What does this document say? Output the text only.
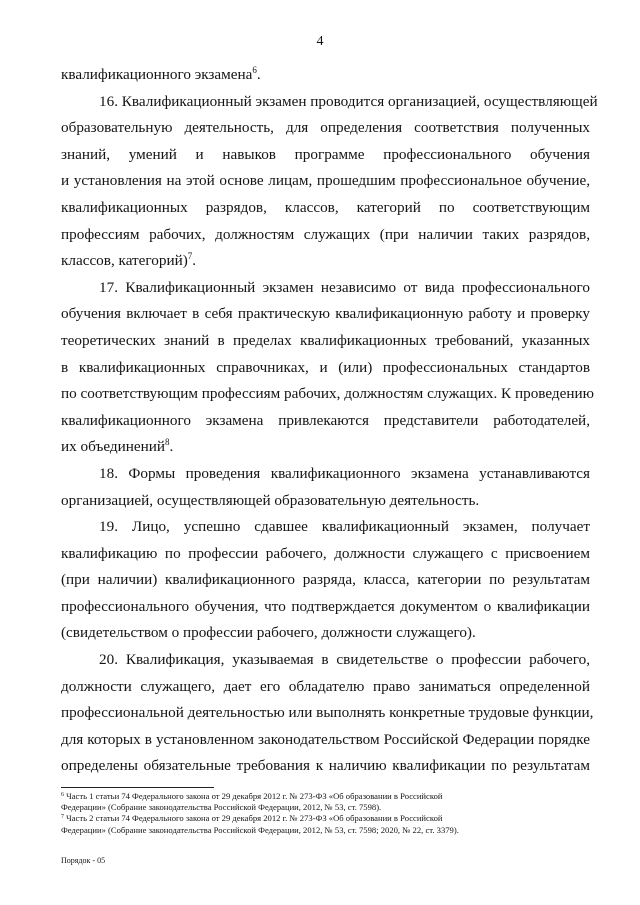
4
квалификационного экзамена$^6$.
16. Квалификационный экзамен проводится организацией, осуществляющей
образовательную деятельность, для определения соответствия полученных
знаний, умений и навыков программе профессионального обучения
и установления на этой основе лицам, прошедшим профессиональное обучение,
квалификационных разрядов, классов, категорий по соответствующим
профессиям рабочих, должностям служащих (при наличии таких разрядов,
классов, категорий)$^7$.
17. Квалификационный экзамен независимо от вида профессионального
обучения включает в себя практическую квалификационную работу и проверку
теоретических знаний в пределах квалификационных требований, указанных
в квалификационных справочниках, и (или) профессиональных стандартов
по соответствующим профессиям рабочих, должностям служащих. К проведению
квалификационного экзамена привлекаются представители работодателей,
их объединений$^8$.
18. Формы проведения квалификационного экзамена устанавливаются
организацией, осуществляющей образовательную деятельность.
19. Лицо, успешно сдавшее квалификационный экзамен, получает
квалификацию по профессии рабочего, должности служащего с присвоением
(при наличии) квалификационного разряда, класса, категории по результатам
профессионального обучения, что подтверждается документом о квалификации
(свидетельством о профессии рабочего, должности служащего).
20. Квалификация, указываемая в свидетельстве о профессии рабочего,
должности служащего, дает его обладателю право заниматься определенной
профессиональной деятельностью или выполнять конкретные трудовые функции,
для которых в установленном законодательством Российской Федерации порядке
определены обязательные требования к наличию квалификации по результатам
$^6$ Часть 1 статьи 74 Федерального закона от 29 декабря 2012 г. № 273-ФЗ «Об образовании в Российской
Федерации» (Собрание законодательства Российской Федерации, 2012, № 53, ст. 7598).
$^7$ Часть 2 статьи 74 Федерального закона от 29 декабря 2012 г. № 273-ФЗ «Об образовании в Российской
Федерации» (Собрание законодательства Российской Федерации, 2012, № 53, ст. 7598; 2020, № 22, ст. 3379).
Порядок - 05
